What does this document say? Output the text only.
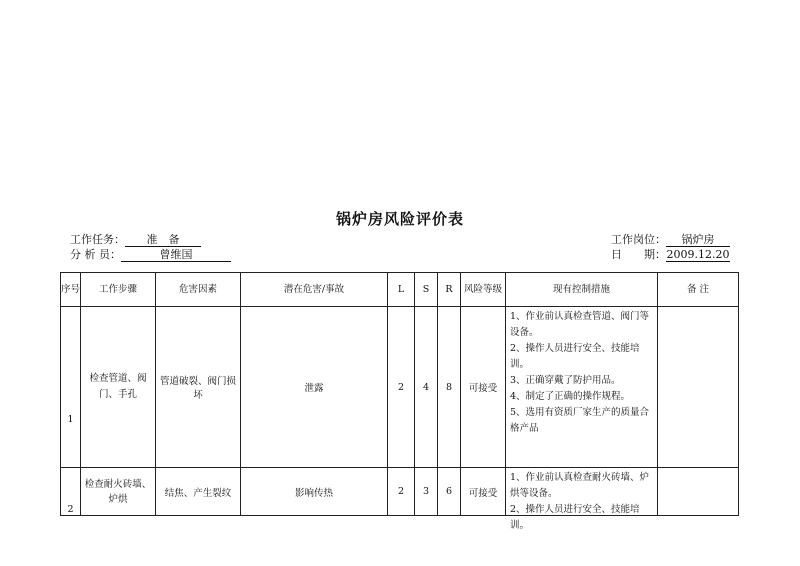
锅炉房风险评价表
工作任务： 准　备
分 析 员：	曾维国
工作岗位： 锅炉房
日　　期：2009.12.20
序号	工作步骤	危害因素	潜在危害/事故	L	S	R	风险等级	现有控制措施	备 注
1	检查管道、阀门、手孔	管道破裂、阀门损坏	泄露	2	4	8	可接受	1、作业前认真检查管道、阀门等设备。
2、操作人员进行安全、技能培训。
3、正确穿戴了防护用品。
4、制定了正确的操作规程。
5、选用有资质厂家生产的质量合格产品	

2	检查耐火砖墙、炉烘	结焦、产生裂纹	影响传热	2	3	6	可接受	1、作业前认真检查耐火砖墙、炉烘等设备。
2、操作人员进行安全、技能培训。	
